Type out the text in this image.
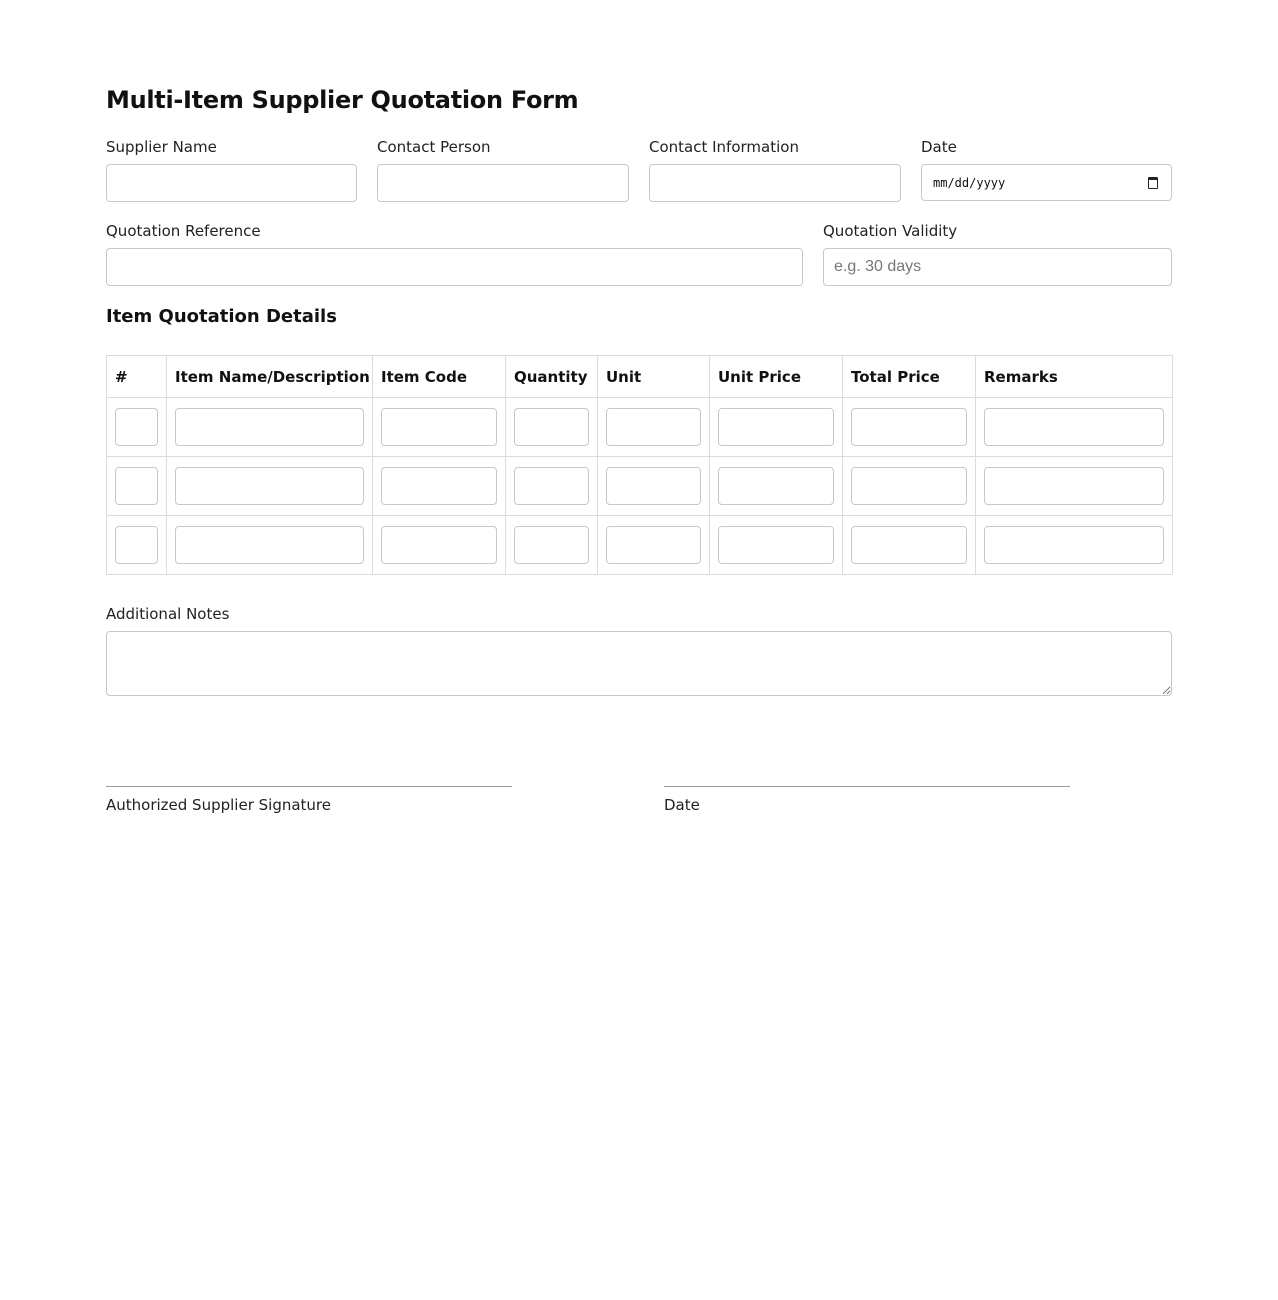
Multi-Item Supplier Quotation Form
Supplier Name	Contact Person	Contact Information	Date
mm/dd/yyyy
Quotation Reference	Quotation Validity
e.g. 30 days
Item Quotation Details
#	Item Name/Description	Item Code	Quantity	Unit	Unit Price	Total Price	Remarks

Additional Notes
Authorized Supplier Signature	Date
